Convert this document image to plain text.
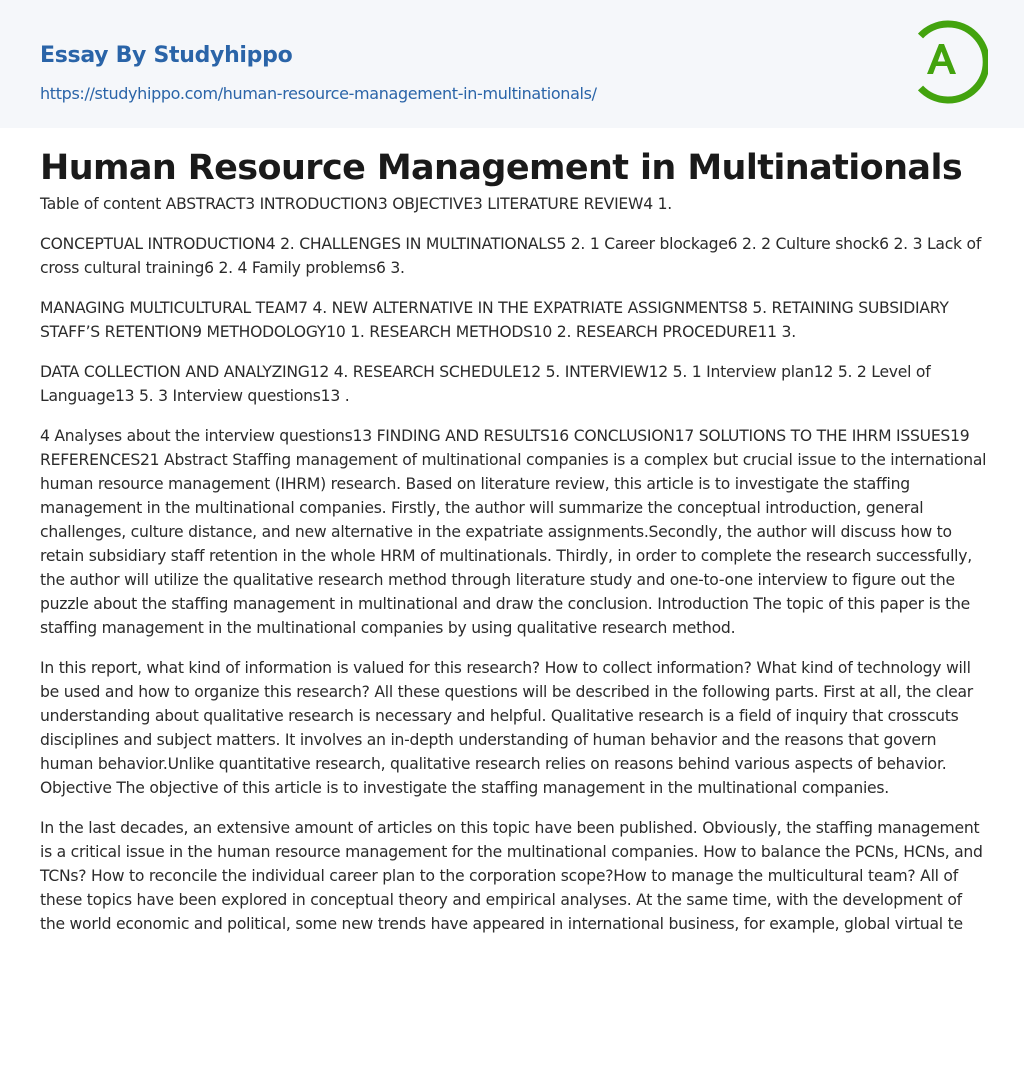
Essay By Studyhippo
https://studyhippo.com/human-resource-management-in-multinationals/
Human Resource Management in Multinationals

Table of content ABSTRACT3 INTRODUCTION3 OBJECTIVE3 LITERATURE REVIEW4 1.

CONCEPTUAL INTRODUCTION4 2. CHALLENGES IN MULTINATIONALS5 2. 1 Career blockage6 2. 2 Culture shock6 2. 3 Lack of cross cultural training6 2. 4 Family problems6 3.

MANAGING MULTICULTURAL TEAM7 4. NEW ALTERNATIVE IN THE EXPATRIATE ASSIGNMENTS8 5. RETAINING SUBSIDIARY STAFF’S RETENTION9 METHODOLOGY10 1. RESEARCH METHODS10 2. RESEARCH PROCEDURE11 3.

DATA COLLECTION AND ANALYZING12 4. RESEARCH SCHEDULE12 5. INTERVIEW12 5. 1 Interview plan12 5. 2 Level of Language13 5. 3 Interview questions13 .

4 Analyses about the interview questions13 FINDING AND RESULTS16 CONCLUSION17 SOLUTIONS TO THE IHRM ISSUES19 REFERENCES21 Abstract Staffing management of multinational companies is a complex but crucial issue to the international human resource management (IHRM) research. Based on literature review, this article is to investigate the staffing management in the multinational companies. Firstly, the author will summarize the conceptual introduction, general challenges, culture distance, and new alternative in the expatriate assignments.Secondly, the author will discuss how to retain subsidiary staff retention in the whole HRM of multinationals. Thirdly, in order to complete the research successfully, the author will utilize the qualitative research method through literature study and one-to-one interview to figure out the puzzle about the staffing management in multinational and draw the conclusion. Introduction The topic of this paper is the staffing management in the multinational companies by using qualitative research method.

In this report, what kind of information is valued for this research? How to collect information? What kind of technology will be used and how to organize this research? All these questions will be described in the following parts. First at all, the clear understanding about qualitative research is necessary and helpful. Qualitative research is a field of inquiry that crosscuts disciplines and subject matters. It involves an in-depth understanding of human behavior and the reasons that govern human behavior.Unlike quantitative research, qualitative research relies on reasons behind various aspects of behavior. Objective The objective of this article is to investigate the staffing management in the multinational companies.

In the last decades, an extensive amount of articles on this topic have been published. Obviously, the staffing management is a critical issue in the human resource management for the multinational companies. How to balance the PCNs, HCNs, and TCNs? How to reconcile the individual career plan to the corporation scope?How to manage the multicultural team? All of these topics have been explored in conceptual theory and empirical analyses. At the same time, with the development of the world economic and political, some new trends have appeared in international business, for example, global virtual te
